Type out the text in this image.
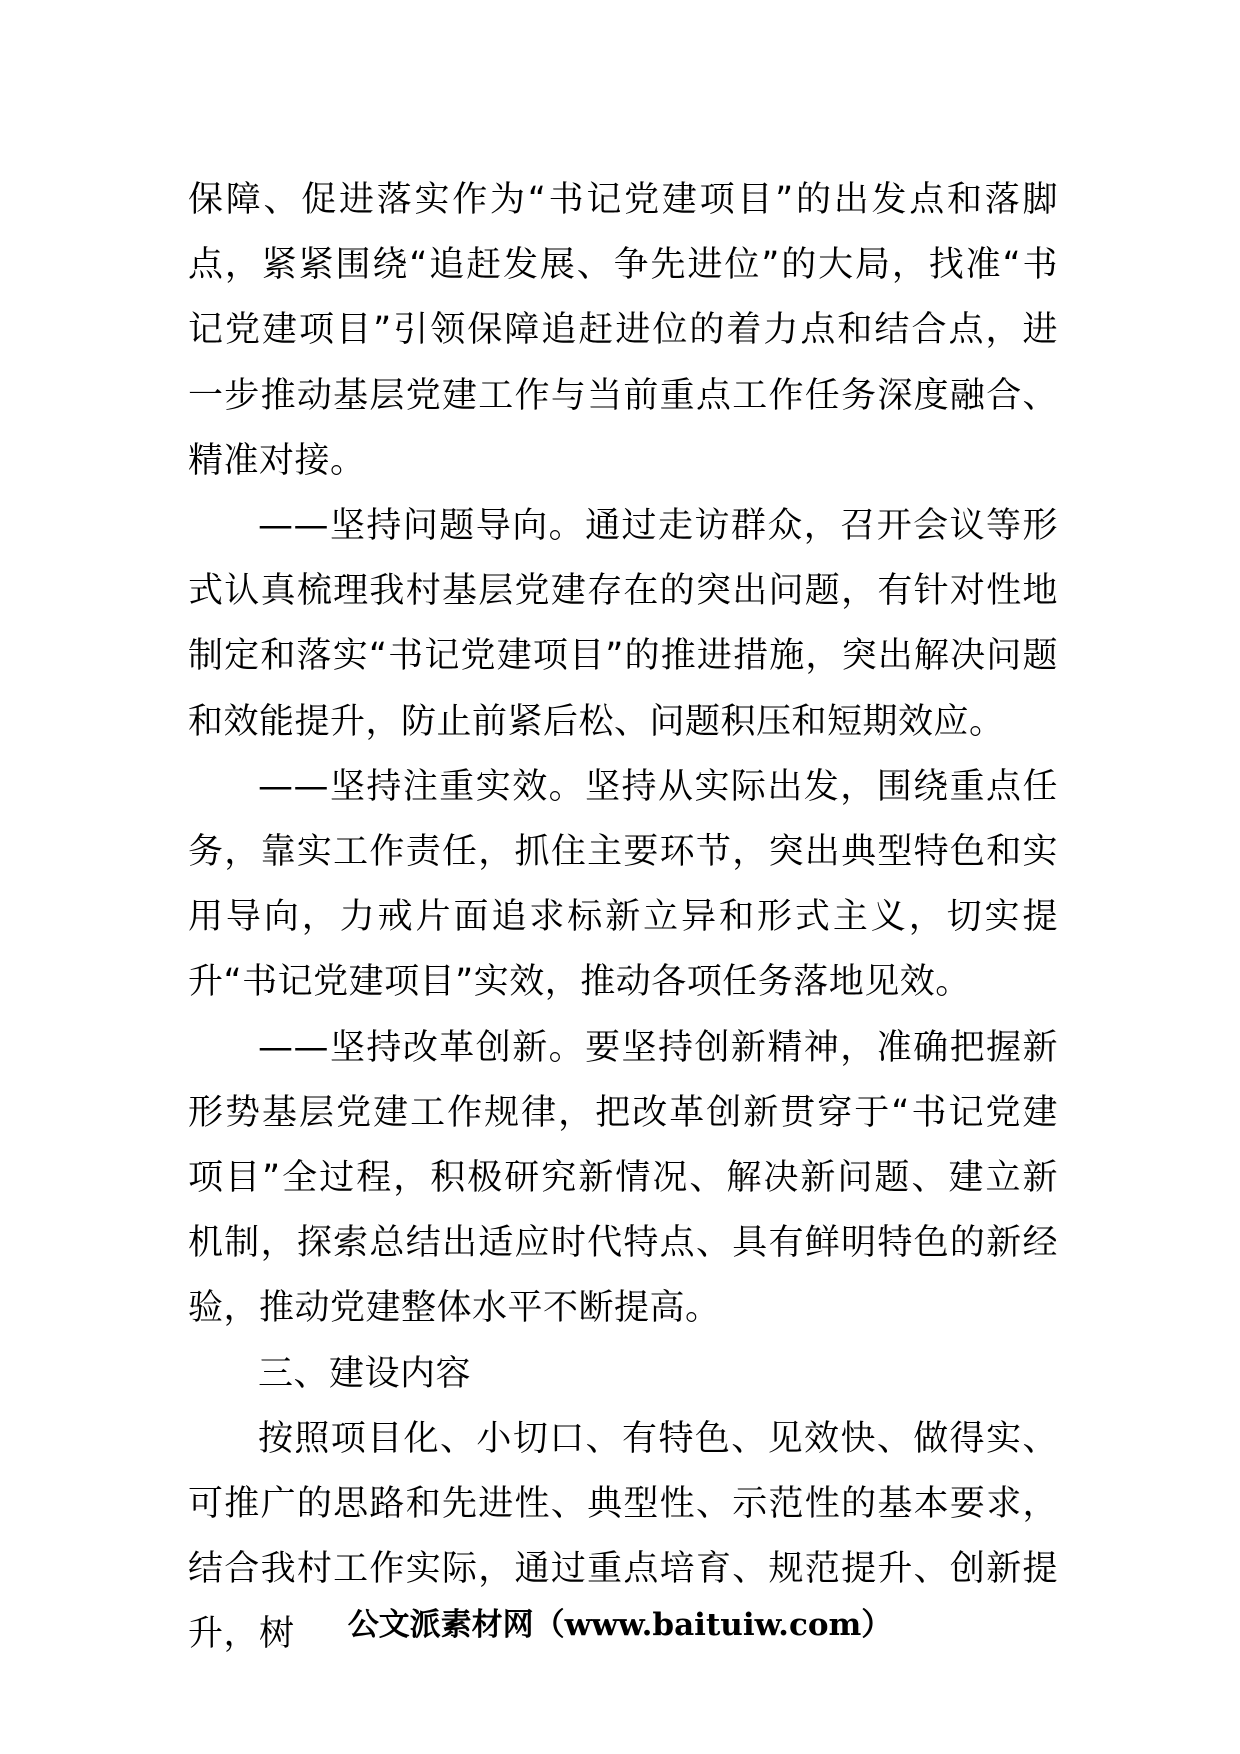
保障、促进落实作为“书记党建项目”的出发点和落脚点，紧紧围绕“追赶发展、争先进位”的大局，找准“书记党建项目”引领保障追赶进位的着力点和结合点，进一步推动基层党建工作与当前重点工作任务深度融合、精准对接。

——坚持问题导向。通过走访群众，召开会议等形式认真梳理我村基层党建存在的突出问题，有针对性地制定和落实“书记党建项目”的推进措施，突出解决问题和效能提升，防止前紧后松、问题积压和短期效应。

——坚持注重实效。坚持从实际出发，围绕重点任务，靠实工作责任，抓住主要环节，突出典型特色和实用导向，力戒片面追求标新立异和形式主义，切实提升“书记党建项目”实效，推动各项任务落地见效。

——坚持改革创新。要坚持创新精神，准确把握新形势基层党建工作规律，把改革创新贯穿于“书记党建项目”全过程，积极研究新情况、解决新问题、建立新机制，探索总结出适应时代特点、具有鲜明特色的新经验，推动党建整体水平不断提高。

三、建设内容

按照项目化、小切口、有特色、见效快、做得实、可推广的思路和先进性、典型性、示范性的基本要求，结合我村工作实际，通过重点培育、规范提升、创新提升，树	公文派素材网（www.baituiw.com）
